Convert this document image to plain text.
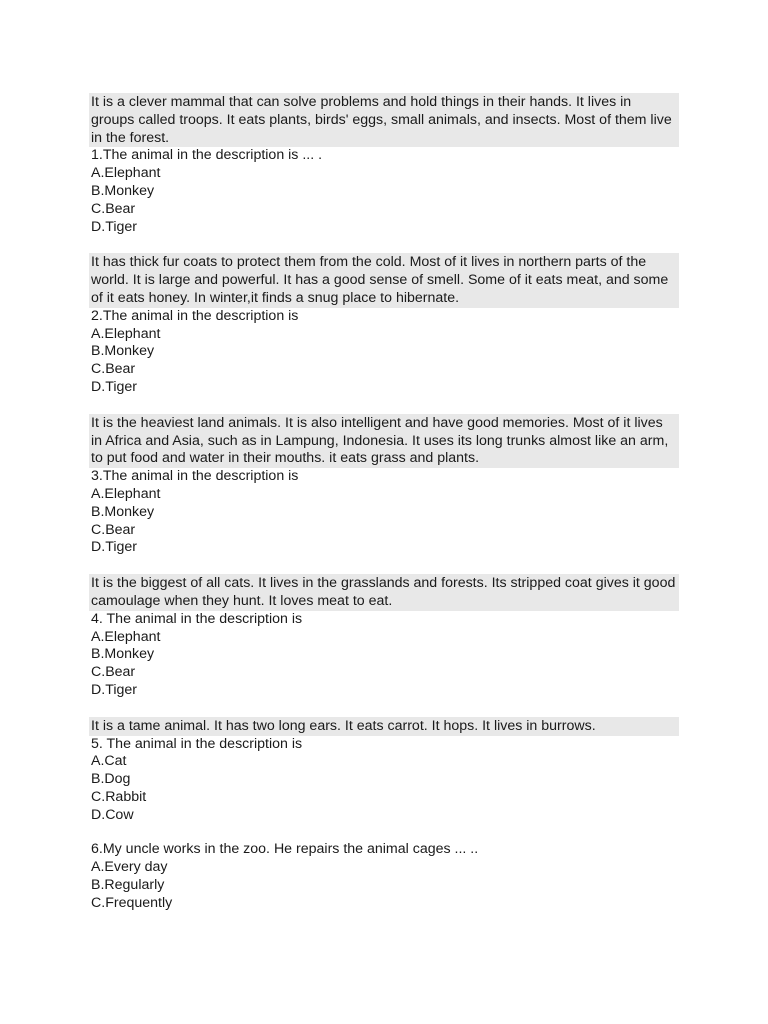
It is a clever mammal that can solve problems and hold things in their hands. It lives in groups called troops. It eats plants, birds' eggs, small animals, and insects. Most of them live in the forest.

1.The animal in the description is ... .

A.Elephant

B.Monkey

C.Bear

D.Tiger

It has thick fur coats to protect them from the cold. Most of it lives in northern parts of the world. It is large and powerful. It has a good sense of smell. Some of it eats meat, and some of it eats honey. In winter,it finds a snug place to hibernate.

2.The animal in the description is

A.Elephant

B.Monkey

C.Bear

D.Tiger

It is the heaviest land animals. It is also intelligent and have good memories. Most of it lives in Africa and Asia, such as in Lampung, Indonesia. It uses its long trunks almost like an arm, to put food and water in their mouths. it eats grass and plants.

3.The animal in the description is

A.Elephant

B.Monkey

C.Bear

D.Tiger

It is the biggest of all cats. It lives in the grasslands and forests. Its stripped coat gives it good camoulage when they hunt. It loves meat to eat.

4. The animal in the description is

A.Elephant

B.Monkey

C.Bear

D.Tiger

It is a tame animal. It has two long ears. It eats carrot. It hops. It lives in burrows.

5. The animal in the description is

A.Cat

B.Dog

C.Rabbit

D.Cow

6.My uncle works in the zoo. He repairs the animal cages ... ..

A.Every day

B.Regularly

C.Frequently
